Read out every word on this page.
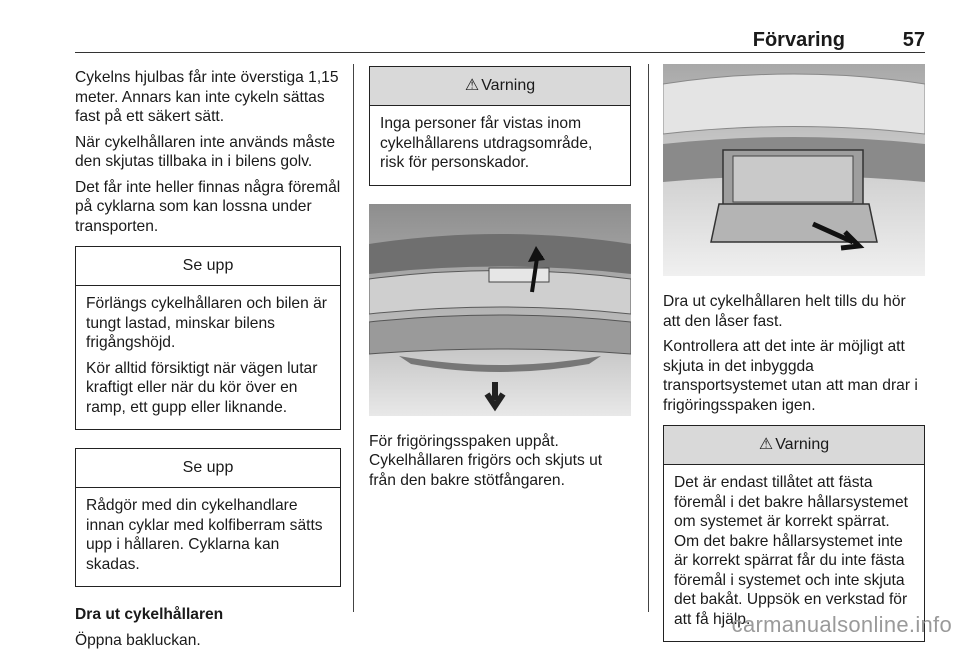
Förvaring	57

Cykelns hjulbas får inte överstiga 1,15 meter. Annars kan inte cykeln sättas fast på ett säkert sätt.

När cykelhållaren inte används måste den skjutas tillbaka in i bilens golv.

Det får inte heller finnas några föremål på cyklarna som kan lossna under transporten.

Se upp

Förlängs cykelhållaren och bilen är tungt lastad, minskar bilens frigångshöjd.

Kör alltid försiktigt när vägen lutar kraftigt eller när du kör över en ramp, ett gupp eller liknande.

Se upp

Rådgör med din cykelhandlare innan cyklar med kolfiberram sätts upp i hållaren. Cyklarna kan skadas.

Dra ut cykelhållaren

Öppna bakluckan.

⚠ Varning

Inga personer får vistas inom cykelhållarens utdragsområde, risk för personskador.

För frigöringsspaken uppåt. Cykelhållaren frigörs och skjuts ut från den bakre stötfångaren.

Dra ut cykelhållaren helt tills du hör att den låser fast.

Kontrollera att det inte är möjligt att skjuta in det inbyggda transportsystemet utan att man drar i frigöringsspaken igen.

⚠ Varning

Det är endast tillåtet att fästa föremål i det bakre hållarsystemet om systemet är korrekt spärrat. Om det bakre hållarsystemet inte är korrekt spärrat får du inte fästa föremål i systemet och inte skjuta det bakåt. Uppsök en verkstad för att få hjälp.

carmanualsonline.info
